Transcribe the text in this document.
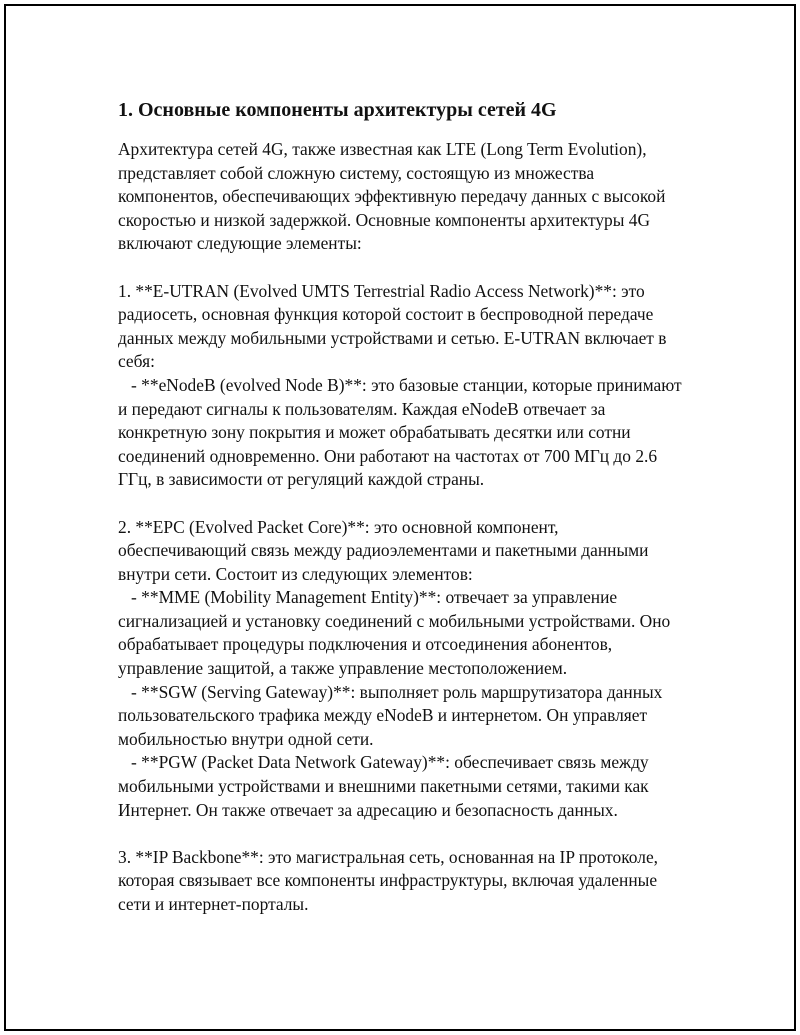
1. Основные компоненты архитектуры сетей 4G

Архитектура сетей 4G, также известная как LTE (Long Term Evolution), представляет собой сложную систему, состоящую из множества компонентов, обеспечивающих эффективную передачу данных с высокой скоростью и низкой задержкой. Основные компоненты архитектуры 4G включают следующие элементы:

1. **E-UTRAN (Evolved UMTS Terrestrial Radio Access Network)**: это радиосеть, основная функция которой состоит в беспроводной передаче данных между мобильными устройствами и сетью. E-UTRAN включает в себя:
- **eNodeB (evolved Node B)**: это базовые станции, которые принимают и передают сигналы к пользователям. Каждая eNodeB отвечает за конкретную зону покрытия и может обрабатывать десятки или сотни соединений одновременно. Они работают на частотах от 700 МГц до 2.6 ГГц, в зависимости от регуляций каждой страны.

2. **EPC (Evolved Packet Core)**: это основной компонент, обеспечивающий связь между радиоэлементами и пакетными данными внутри сети. Состоит из следующих элементов:
- **MME (Mobility Management Entity)**: отвечает за управление сигнализацией и установку соединений с мобильными устройствами. Оно обрабатывает процедуры подключения и отсоединения абонентов, управление защитой, а также управление местоположением.
- **SGW (Serving Gateway)**: выполняет роль маршрутизатора данных пользовательского трафика между eNodeB и интернетом. Он управляет мобильностью внутри одной сети.
- **PGW (Packet Data Network Gateway)**: обеспечивает связь между мобильными устройствами и внешними пакетными сетями, такими как Интернет. Он также отвечает за адресацию и безопасность данных.

3. **IP Backbone**: это магистральная сеть, основанная на IP протоколе, которая связывает все компоненты инфраструктуры, включая удаленные сети и интернет-порталы.
